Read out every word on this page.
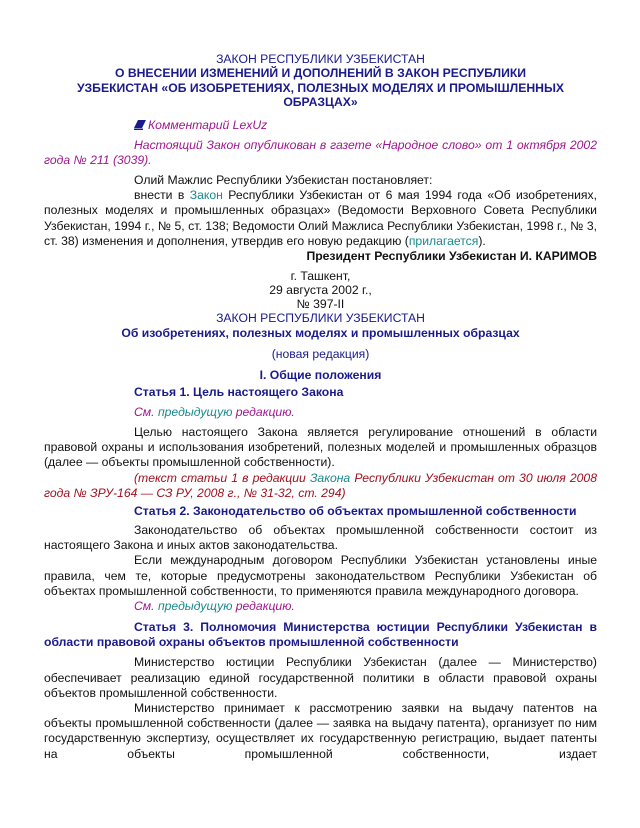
ЗАКОН РЕСПУБЛИКИ УЗБЕКИСТАН
О ВНЕСЕНИИ ИЗМЕНЕНИЙ И ДОПОЛНЕНИЙ В ЗАКОН РЕСПУБЛИКИ
УЗБЕКИСТАН «ОБ ИЗОБРЕТЕНИЯХ, ПОЛЕЗНЫХ МОДЕЛЯХ И ПРОМЫШЛЕННЫХ
ОБРАЗЦАХ»
Комментарий LexUz

Настоящий Закон опубликован в газете «Народное слово» от 1 октября 2002 года № 211 (3039).

Олий Мажлис Республики Узбекистан постановляет:

внести в Закон Республики Узбекистан от 6 мая 1994 года «Об изобретениях, полезных моделях и промышленных образцах» (Ведомости Верховного Совета Республики Узбекистан, 1994 г., № 5, ст. 138; Ведомости Олий Мажлиса Республики Узбекистан, 1998 г., № 3, ст. 38) изменения и дополнения, утвердив его новую редакцию (прилагается).

Президент Республики Узбекистан И. КАРИМОВ
г. Ташкент,
29 августа 2002 г.,
№ 397-II
ЗАКОН РЕСПУБЛИКИ УЗБЕКИСТАН
Об изобретениях, полезных моделях и промышленных образцах
(новая редакция)
I. Общие положения
Статья 1. Цель настоящего Закона
См. предыдущую редакцию.

Целью настоящего Закона является регулирование отношений в области правовой охраны и использования изобретений, полезных моделей и промышленных образцов (далее — объекты промышленной собственности).

(текст статьи 1 в редакции Закона Республики Узбекистан от 30 июля 2008 года № ЗРУ-164 — СЗ РУ, 2008 г., № 31-32, ст. 294)

Статья 2. Законодательство об объектах промышленной собственности

Законодательство об объектах промышленной собственности состоит из настоящего Закона и иных актов законодательства.

Если международным договором Республики Узбекистан установлены иные правила, чем те, которые предусмотрены законодательством Республики Узбекистан об объектах промышленной собственности, то применяются правила международного договора.

См. предыдущую редакцию.

Статья 3. Полномочия Министерства юстиции Республики Узбекистан в области правовой охраны объектов промышленной собственности

Министерство юстиции Республики Узбекистан (далее — Министерство) обеспечивает реализацию единой государственной политики в области правовой охраны объектов промышленной собственности.

Министерство принимает к рассмотрению заявки на выдачу патентов на объекты промышленной собственности (далее — заявка на выдачу патента), организует по ним государственную экспертизу, осуществляет их государственную регистрацию, выдает патенты на объекты промышленной собственности, издает
